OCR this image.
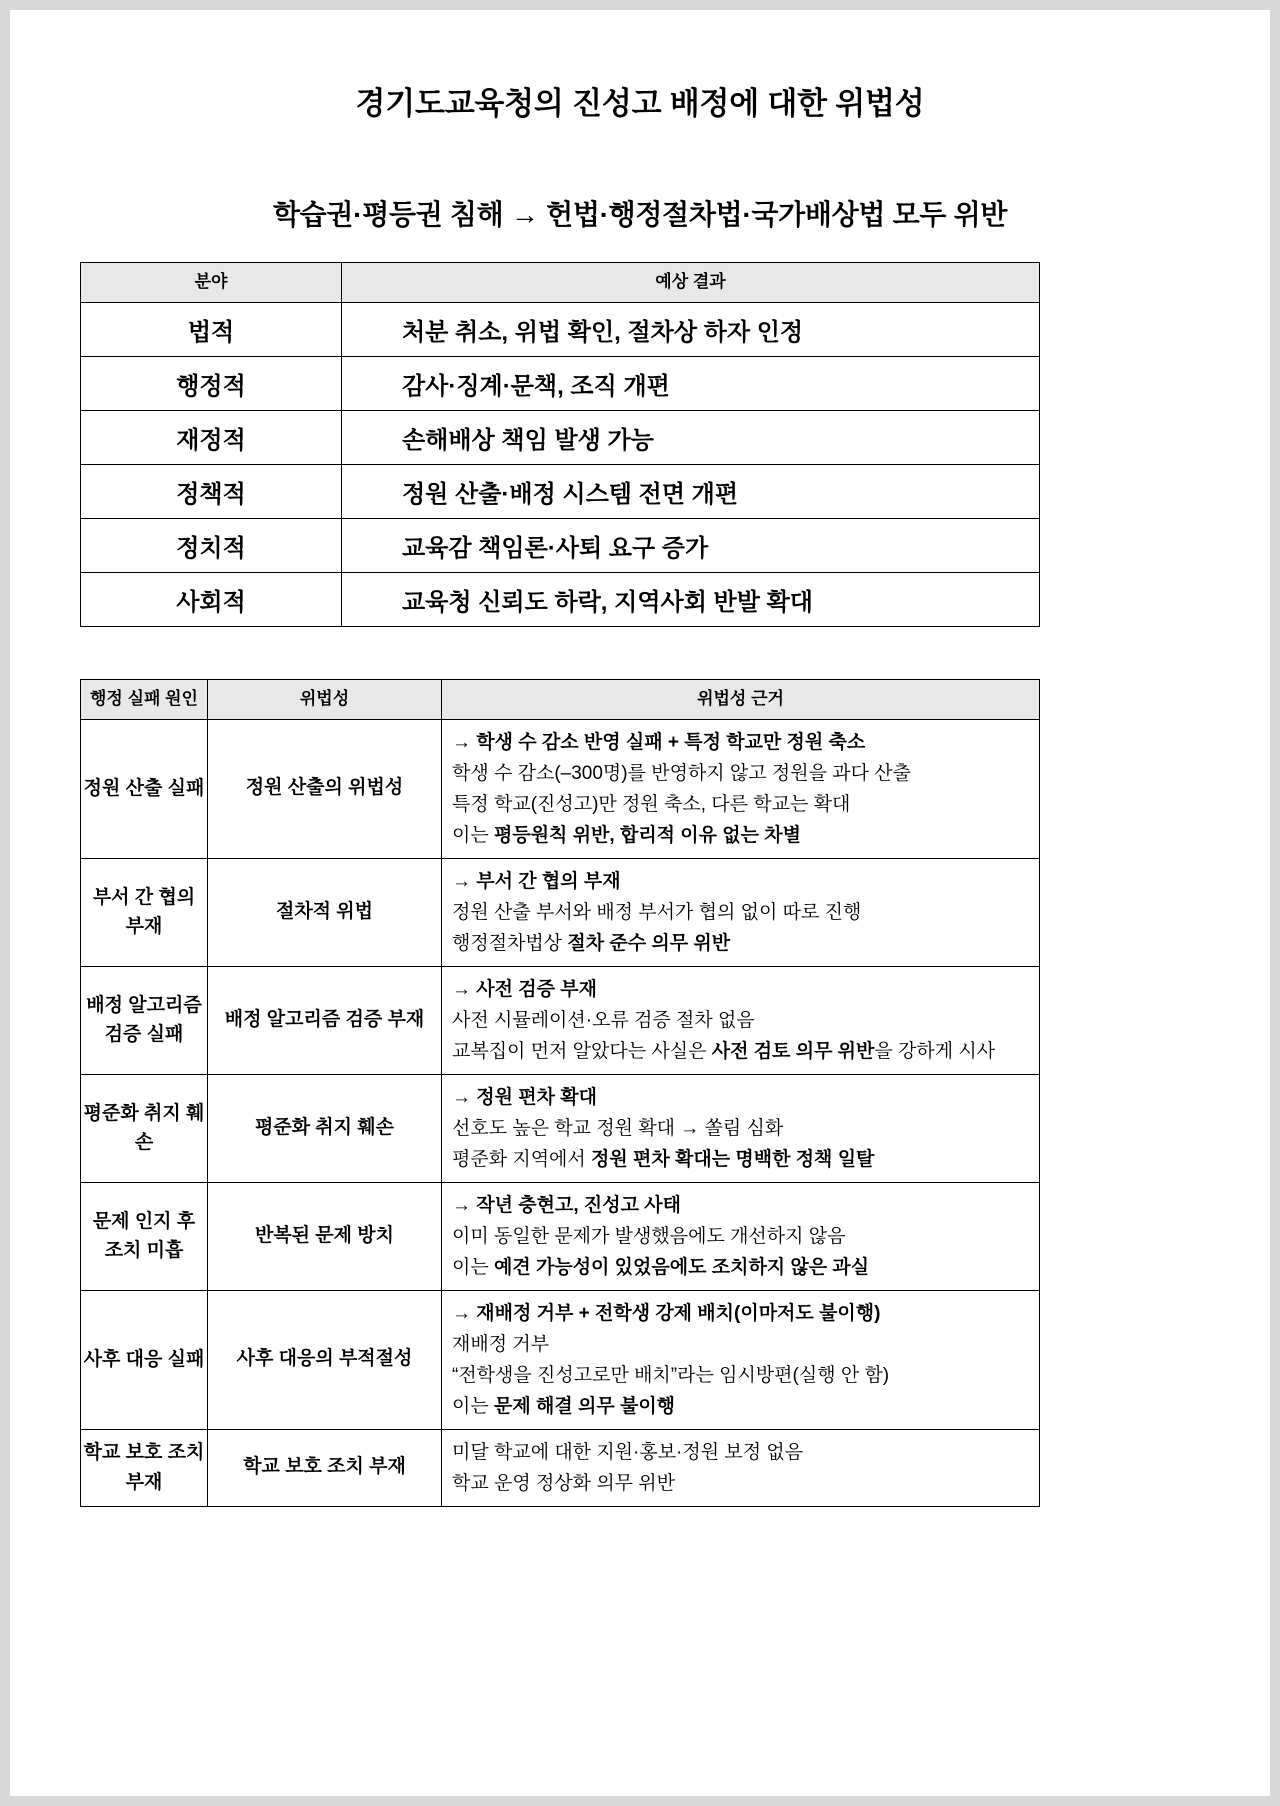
경기도교육청의 진성고 배정에 대한 위법성
학습권·평등권 침해 → 헌법·행정절차법·국가배상법 모두 위반
분야	예상 결과
법적	처분 취소, 위법 확인, 절차상 하자 인정
행정적	감사·징계·문책, 조직 개편
재정적	손해배상 책임 발생 가능
정책적	정원 산출·배정 시스템 전면 개편
정치적	교육감 책임론·사퇴 요구 증가
사회적	교육청 신뢰도 하락, 지역사회 반발 확대
행정 실패 원인	위법성	위법성 근거
정원 산출 실패	정원 산출의 위법성	→ 학생 수 감소 반영 실패 + 특정 학교만 정원 축소
학생 수 감소(–300명)를 반영하지 않고 정원을 과다 산출
특정 학교(진성고)만 정원 축소, 다른 학교는 확대
이는 평등원칙 위반, 합리적 이유 없는 차별

부서 간 협의 부재	절차적 위법	→ 부서 간 협의 부재
정원 산출 부서와 배정 부서가 협의 없이 따로 진행
행정절차법상 절차 준수 의무 위반

배정 알고리즘 검증 실패	배정 알고리즘 검증 부재	→ 사전 검증 부재
사전 시뮬레이션·오류 검증 절차 없음
교복집이 먼저 알았다는 사실은 사전 검토 의무 위반을 강하게 시사

평준화 취지 훼손	평준화 취지 훼손	→ 정원 편차 확대
선호도 높은 학교 정원 확대 → 쏠림 심화
평준화 지역에서 정원 편차 확대는 명백한 정책 일탈

문제 인지 후 조치 미흡	반복된 문제 방치	→ 작년 충현고, 진성고 사태
이미 동일한 문제가 발생했음에도 개선하지 않음
이는 예견 가능성이 있었음에도 조치하지 않은 과실

사후 대응 실패	사후 대응의 부적절성	→ 재배정 거부 + 전학생 강제 배치(이마저도 불이행)
재배정 거부
“전학생을 진성고로만 배치”라는 임시방편(실행 안 함)
이는 문제 해결 의무 불이행

학교 보호 조치 부재	학교 보호 조치 부재	미달 학교에 대한 지원·홍보·정원 보정 없음
학교 운영 정상화 의무 위반
